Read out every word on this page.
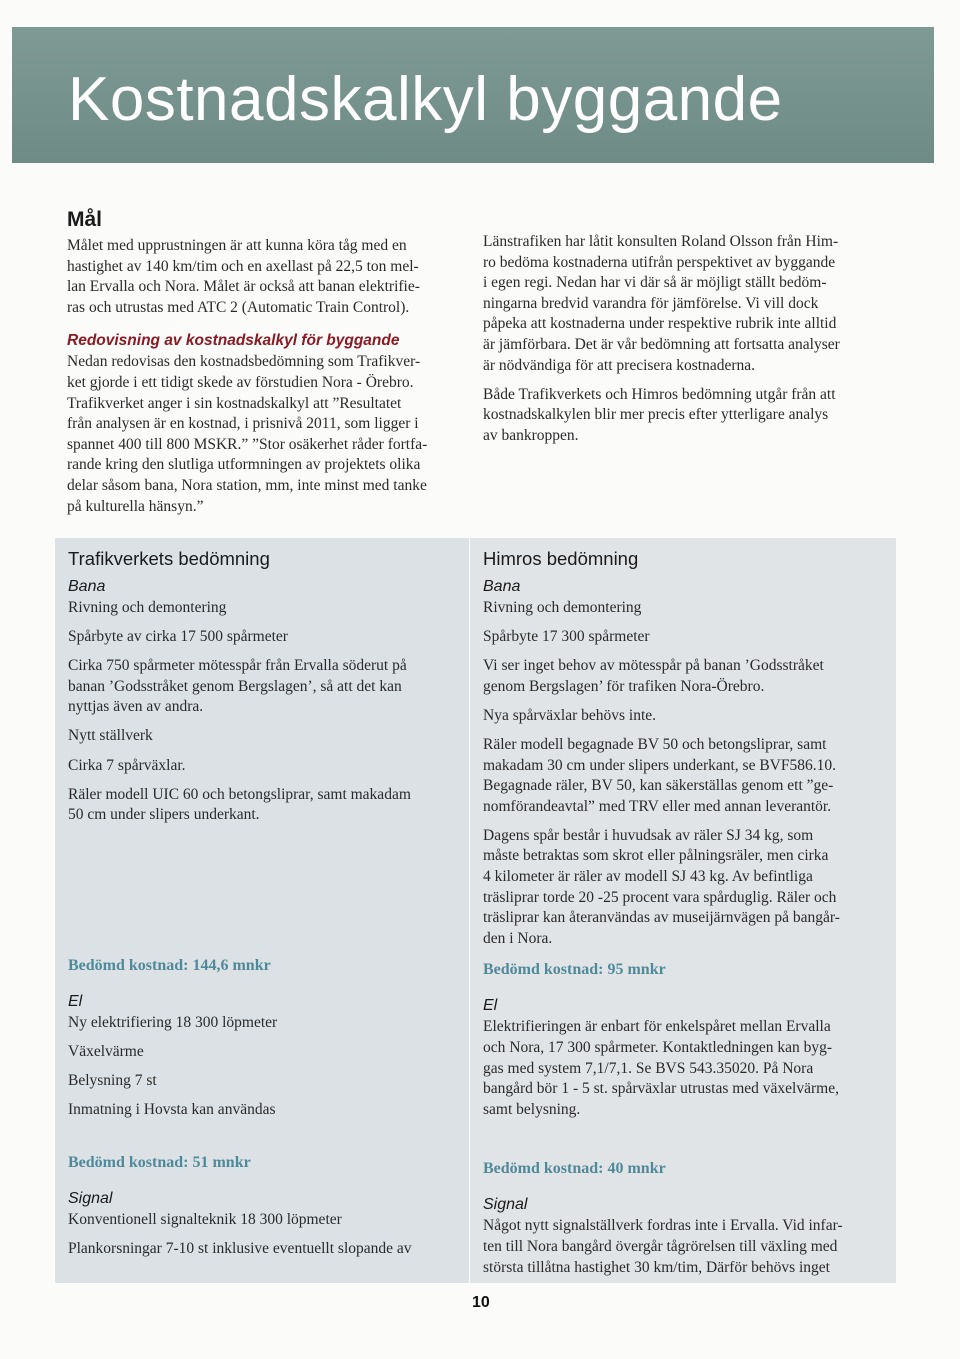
Kostnadskalkyl byggande
Mål

Målet med upprustningen är att kunna köra tåg med en
hastighet av 140 km/tim och en axellast på 22,5 ton mel-
lan Ervalla och Nora. Målet är också att banan elektrifie-
ras och utrustas med ATC 2 (Automatic Train Control).

Redovisning av kostnadskalkyl för byggande

Nedan redovisas den kostnadsbedömning som Trafikver-
ket gjorde i ett tidigt skede av förstudien Nora - Örebro.
Trafikverket anger i sin kostnadskalkyl att ”Resultatet
från analysen är en kostnad, i prisnivå 2011, som ligger i
spannet 400 till 800 MSKR.” ”Stor osäkerhet råder fortfa-
rande kring den slutliga utformningen av projektets olika
delar såsom bana, Nora station, mm, inte minst med tanke
på kulturella hänsyn.”

Länstrafiken har låtit konsulten Roland Olsson från Him-
ro bedöma kostnaderna utifrån perspektivet av byggande
i egen regi. Nedan har vi där så är möjligt ställt bedöm-
ningarna bredvid varandra för jämförelse. Vi vill dock
påpeka att kostnaderna under respektive rubrik inte alltid
är jämförbara. Det är vår bedömning att fortsatta analyser
är nödvändiga för att precisera kostnaderna.

Både Trafikverkets och Himros bedömning utgår från att
kostnadskalkylen blir mer precis efter ytterligare analys
av bankroppen.

Trafikverkets bedömning
Bana

Rivning och demontering

Spårbyte av cirka 17 500 spårmeter

Cirka 750 spårmeter mötesspår från Ervalla söderut på
banan ’Godsstråket genom Bergslagen’, så att det kan
nyttjas även av andra.

Nytt ställverk

Cirka 7 spårväxlar.

Räler modell UIC 60 och betongsliprar, samt makadam
50 cm under slipers underkant.

Bedömd kostnad: 144,6 mnkr
El

Ny elektrifiering 18 300 löpmeter

Växelvärme

Belysning 7 st

Inmatning i Hovsta kan användas

Bedömd kostnad: 51 mnkr
Signal

Konventionell signalteknik 18 300 löpmeter

Plankorsningar 7-10 st inklusive eventuellt slopande av

Himros bedömning
Bana

Rivning och demontering

Spårbyte 17 300 spårmeter

Vi ser inget behov av mötesspår på banan ’Godsstråket
genom Bergslagen’ för trafiken Nora-Örebro.

Nya spårväxlar behövs inte.

Räler modell begagnade BV 50 och betongsliprar, samt
makadam 30 cm under slipers underkant, se BVF586.10.
Begagnade räler, BV 50, kan säkerställas genom ett ”ge-
nomförandeavtal” med TRV eller med annan leverantör.

Dagens spår består i huvudsak av räler SJ 34 kg, som
måste betraktas som skrot eller pålningsräler, men cirka
4 kilometer är räler av modell SJ 43 kg. Av befintliga
träsliprar torde 20 -25 procent vara spårduglig. Räler och
träsliprar kan återanvändas av museijärnvägen på bangår-
den i Nora.

Bedömd kostnad: 95 mnkr
El

Elektrifieringen är enbart för enkelspåret mellan Ervalla
och Nora, 17 300 spårmeter. Kontaktledningen kan byg-
gas med system 7,1/7,1. Se BVS 543.35020. På Nora
bangård bör 1 - 5 st. spårväxlar utrustas med växelvärme,
samt belysning.

Bedömd kostnad: 40 mnkr
Signal

Något nytt signalställverk fordras inte i Ervalla. Vid infar-
ten till Nora bangård övergår tågrörelsen till växling med
största tillåtna hastighet 30 km/tim, Därför behövs inget

10
